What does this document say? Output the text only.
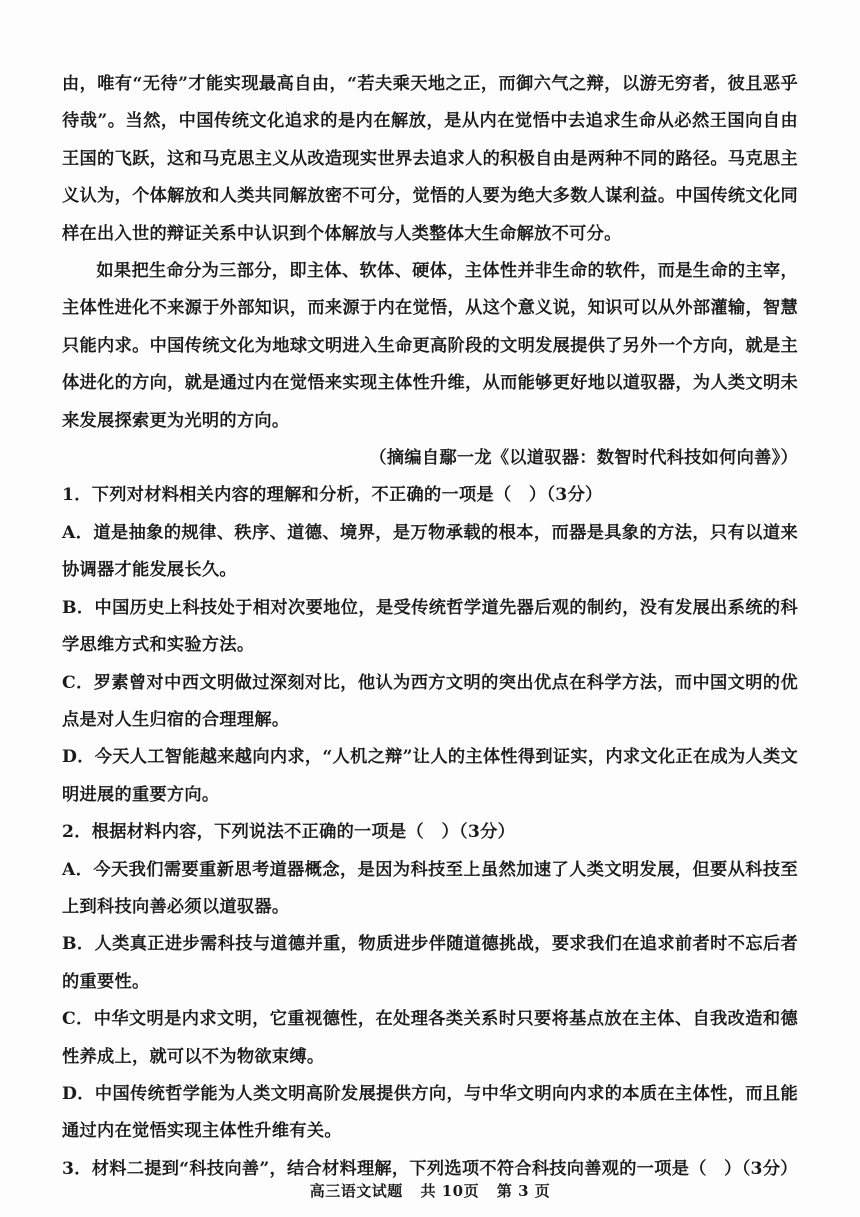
由，唯有“无待”才能实现最高自由，“若夫乘天地之正，而御六气之辩，以游无穷者，彼且恶乎待哉”。当然，中国传统文化追求的是内在解放，是从内在觉悟中去追求生命从必然王国向自由王国的飞跃，这和马克思主义从改造现实世界去追求人的积极自由是两种不同的路径。马克思主义认为，个体解放和人类共同解放密不可分，觉悟的人要为绝大多数人谋利益。中国传统文化同样在出入世的辩证关系中认识到个体解放与人类整体大生命解放不可分。

如果把生命分为三部分，即主体、软体、硬体，主体性并非生命的软件，而是生命的主宰，主体性进化不来源于外部知识，而来源于内在觉悟，从这个意义说，知识可以从外部灌输，智慧只能内求。中国传统文化为地球文明进入生命更高阶段的文明发展提供了另外一个方向，就是主体进化的方向，就是通过内在觉悟来实现主体性升维，从而能够更好地以道驭器，为人类文明未来发展探索更为光明的方向。

（摘编自鄢一龙《以道驭器：数智时代科技如何向善》）

1．下列对材料相关内容的理解和分析，不正确的一项是（　）（3分）

A．道是抽象的规律、秩序、道德、境界，是万物承载的根本，而器是具象的方法，只有以道来协调器才能发展长久。

B．中国历史上科技处于相对次要地位，是受传统哲学道先器后观的制约，没有发展出系统的科学思维方式和实验方法。

C．罗素曾对中西文明做过深刻对比，他认为西方文明的突出优点在科学方法，而中国文明的优点是对人生归宿的合理理解。

D．今天人工智能越来越向内求，“人机之辩”让人的主体性得到证实，内求文化正在成为人类文明进展的重要方向。

2．根据材料内容，下列说法不正确的一项是（　）（3分）

A．今天我们需要重新思考道器概念，是因为科技至上虽然加速了人类文明发展，但要从科技至上到科技向善必须以道驭器。

B．人类真正进步需科技与道德并重，物质进步伴随道德挑战，要求我们在追求前者时不忘后者的重要性。

C．中华文明是内求文明，它重视德性，在处理各类关系时只要将基点放在主体、自我改造和德性养成上，就可以不为物欲束缚。

D．中国传统哲学能为人类文明高阶发展提供方向，与中华文明向内求的本质在主体性，而且能通过内在觉悟实现主体性升维有关。

3．材料二提到“科技向善”，结合材料理解，下列选项不符合科技向善观的一项是（　）（3分）

高三语文试题 共 10页 第 3 页
